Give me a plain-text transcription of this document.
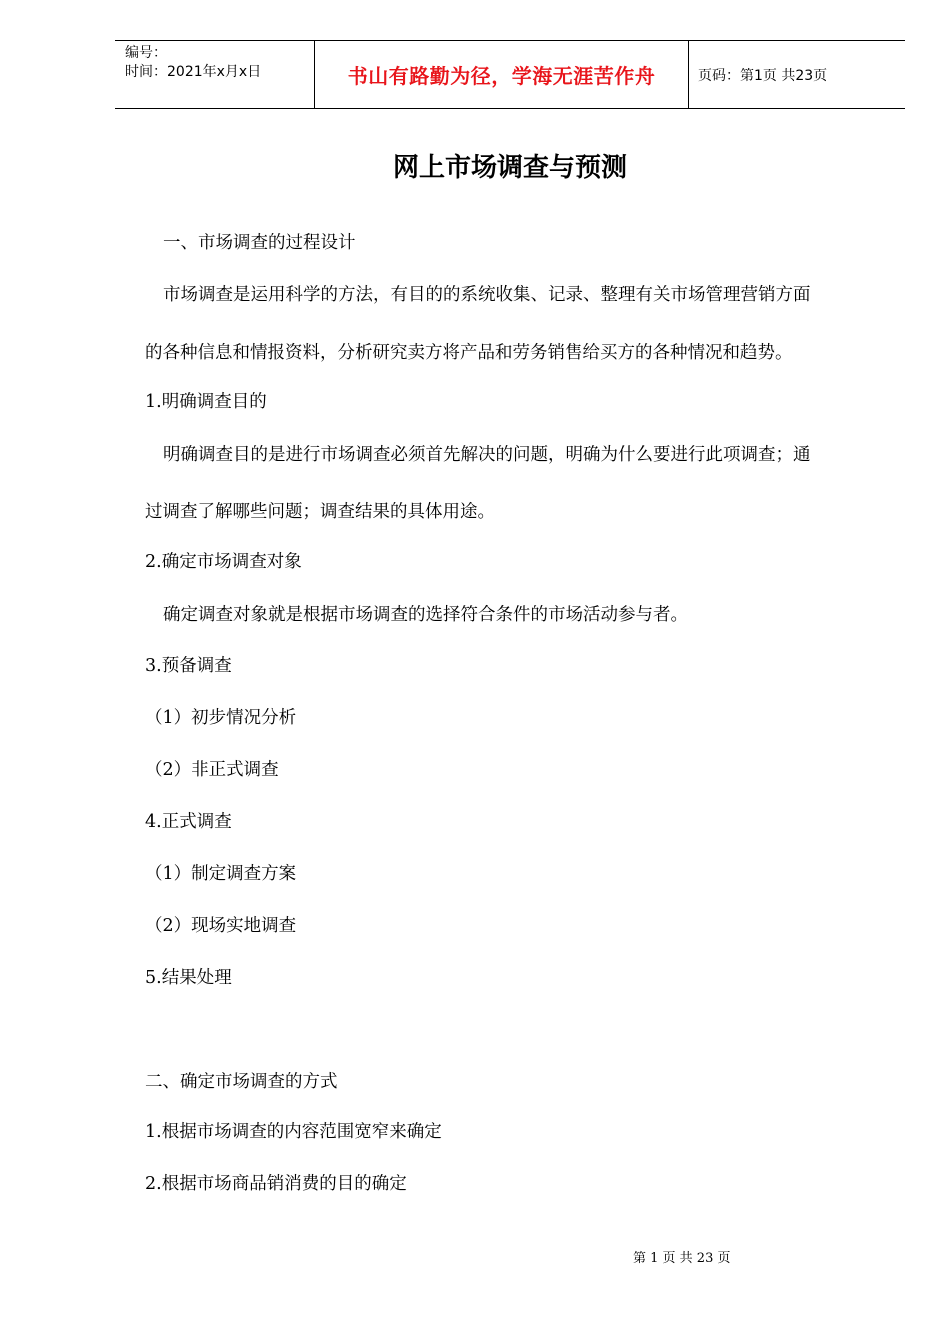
编号：
时间：2021年x月x日	书山有路勤为径，学海无涯苦作舟	页码：第1页 共23页
网上市场调查与预测
一、市场调查的过程设计
市场调查是运用科学的方法，有目的的系统收集、记录、整理有关市场管理营销方面
的各种信息和情报资料，分析研究卖方将产品和劳务销售给买方的各种情况和趋势。
1.明确调查目的
明确调查目的是进行市场调查必须首先解决的问题，明确为什么要进行此项调查；通
过调查了解哪些问题；调查结果的具体用途。
2.确定市场调查对象
确定调查对象就是根据市场调查的选择符合条件的市场活动参与者。
3.预备调查
（1）初步情况分析
（2）非正式调查
4.正式调查
（1）制定调查方案
（2）现场实地调查
5.结果处理
二、确定市场调查的方式
1.根据市场调查的内容范围宽窄来确定
2.根据市场商品销消费的目的确定
第 1 页 共 23 页
